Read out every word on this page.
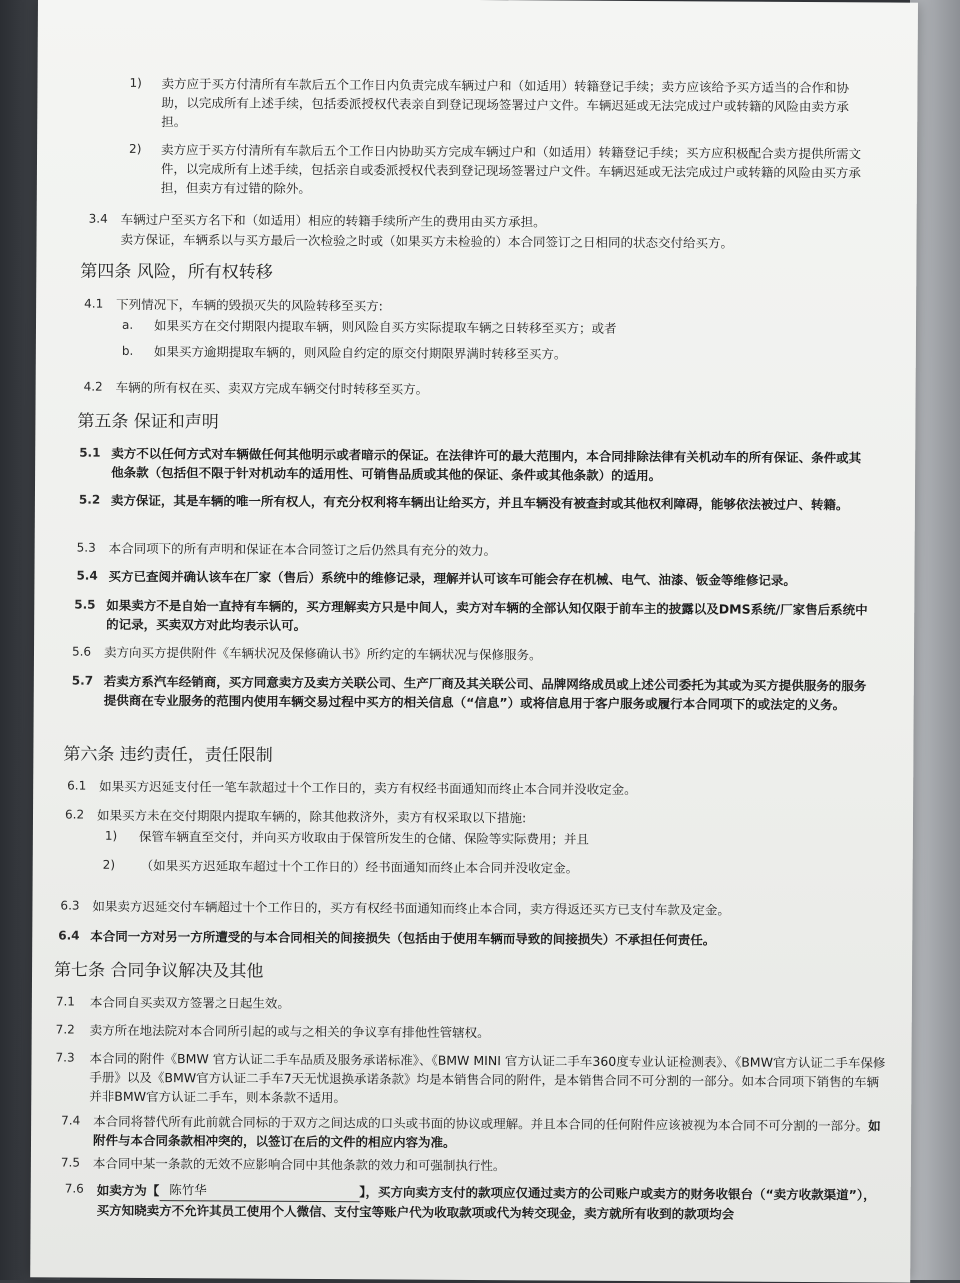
1) 卖方应于买方付清所有车款后五个工作日内负责完成车辆过户和（如适用）转籍登记手续；卖方应该给予买方适当的合作和协助，以完成所有上述手续，包括委派授权代表亲自到登记现场签署过户文件。车辆迟延或无法完成过户或转籍的风险由卖方承担。
2) 卖方应于买方付清所有车款后五个工作日内协助买方完成车辆过户和（如适用）转籍登记手续；买方应积极配合卖方提供所需文件，以完成所有上述手续，包括亲自或委派授权代表到登记现场签署过户文件。车辆迟延或无法完成过户或转籍的风险由买方承担，但卖方有过错的除外。
3.4 车辆过户至买方名下和（如适用）相应的转籍手续所产生的费用由买方承担。
卖方保证，车辆系以与买方最后一次检验之时或（如果买方未检验的）本合同签订之日相同的状态交付给买方。
第四条 风险，所有权转移
4.1 下列情况下，车辆的毁损灭失的风险转移至买方:
a. 如果买方在交付期限内提取车辆，则风险自买方实际提取车辆之日转移至买方；或者
b. 如果买方逾期提取车辆的，则风险自约定的原交付期限界满时转移至买方。
4.2 车辆的所有权在买、卖双方完成车辆交付时转移至买方。
第五条 保证和声明
5.1 卖方不以任何方式对车辆做任何其他明示或者暗示的保证。在法律许可的最大范围内，本合同排除法律有关机动车的所有保证、条件或其他条款（包括但不限于针对机动车的适用性、可销售品质或其他的保证、条件或其他条款）的适用。
5.2 卖方保证，其是车辆的唯一所有权人，有充分权利将车辆出让给买方，并且车辆没有被查封或其他权利障碍，能够依法被过户、转籍。
5.3 本合同项下的所有声明和保证在本合同签订之后仍然具有充分的效力。
5.4 买方已查阅并确认该车在厂家（售后）系统中的维修记录，理解并认可该车可能会存在机械、电气、油漆、钣金等维修记录。
5.5 如果卖方不是自始一直持有车辆的，买方理解卖方只是中间人，卖方对车辆的全部认知仅限于前车主的披露以及DMS系统/厂家售后系统中的记录，买卖双方对此均表示认可。
5.6 卖方向买方提供附件《车辆状况及保修确认书》所约定的车辆状况与保修服务。
5.7 若卖方系汽车经销商，买方同意卖方及卖方关联公司、生产厂商及其关联公司、品牌网络成员或上述公司委托为其或为买方提供服务的服务提供商在专业服务的范围内使用车辆交易过程中买方的相关信息（“信息”）或将信息用于客户服务或履行本合同项下的或法定的义务。
第六条 违约责任，责任限制
6.1 如果买方迟延支付任一笔车款超过十个工作日的，卖方有权经书面通知而终止本合同并没收定金。
6.2 如果买方未在交付期限内提取车辆的，除其他救济外，卖方有权采取以下措施:
1) 保管车辆直至交付，并向买方收取由于保管所发生的仓储、保险等实际费用；并且
2) （如果买方迟延取车超过十个工作日的）经书面通知而终止本合同并没收定金。
6.3 如果卖方迟延交付车辆超过十个工作日的，买方有权经书面通知而终止本合同，卖方得返还买方已支付车款及定金。
6.4 本合同一方对另一方所遭受的与本合同相关的间接损失（包括由于使用车辆而导致的间接损失）不承担任何责任。
第七条 合同争议解决及其他
7.1 本合同自买卖双方签署之日起生效。
7.2 卖方所在地法院对本合同所引起的或与之相关的争议享有排他性管辖权。
7.3 本合同的附件《BMW 官方认证二手车品质及服务承诺标准》、《BMW MINI 官方认证二手车360度专业认证检测表》、《BMW官方认证二手车保修手册》以及《BMW官方认证二手车7天无忧退换承诺条款》均是本销售合同的附件，是本销售合同不可分割的一部分。如本合同项下销售的车辆并非BMW官方认证二手车，则本条款不适用。
7.4 本合同将替代所有此前就合同标的于双方之间达成的口头或书面的协议或理解。并且本合同的任何附件应该被视为本合同不可分割的一部分。如附件与本合同条款相冲突的，以签订在后的文件的相应内容为准。
7.5 本合同中某一条款的无效不应影响合同中其他条款的效力和可强制执行性。
7.6 如卖方为【 陈竹华	】，买方向卖方支付的款项应仅通过卖方的公司账户或卖方的财务收银台（“卖方收款渠道”），买方知晓卖方不允许其员工使用个人微信、支付宝等账户代为收取款项或代为转交现金，卖方就所有收到的款项均会
